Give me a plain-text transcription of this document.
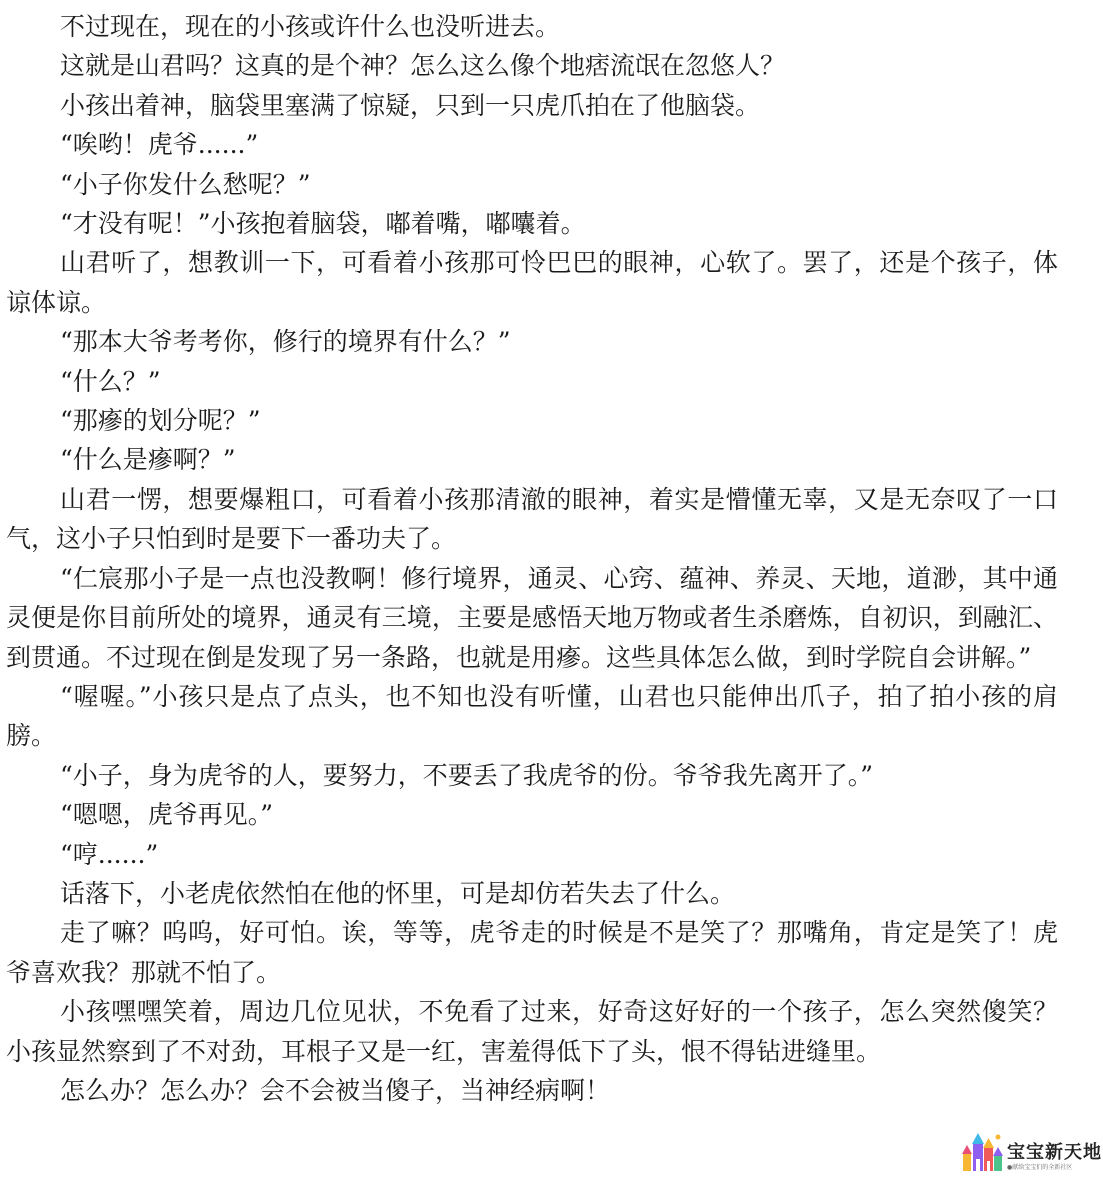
不过现在，现在的小孩或许什么也没听进去。

这就是山君吗？这真的是个神？怎么这么像个地痞流氓在忽悠人？

小孩出着神，脑袋里塞满了惊疑，只到一只虎爪拍在了他脑袋。

“唉哟！虎爷......”

“小子你发什么愁呢？”

“才没有呢！”小孩抱着脑袋，嘟着嘴，嘟囔着。

山君听了，想教训一下，可看着小孩那可怜巴巴的眼神，心软了。罢了，还是个孩子，体谅体谅。

“那本大爷考考你，修行的境界有什么？”

“什么？”

“那瘮的划分呢？”

“什么是瘮啊？”

山君一愣，想要爆粗口，可看着小孩那清澈的眼神，着实是懵懂无辜，又是无奈叹了一口气，这小子只怕到时是要下一番功夫了。

“仁宸那小子是一点也没教啊！修行境界，通灵、心窍、蕴神、养灵、天地，道渺，其中通灵便是你目前所处的境界，通灵有三境，主要是感悟天地万物或者生杀磨炼，自初识，到融汇、到贯通。不过现在倒是发现了另一条路，也就是用瘮。这些具体怎么做，到时学院自会讲解。”

“喔喔。”小孩只是点了点头，也不知也没有听懂，山君也只能伸出爪子，拍了拍小孩的肩膀。

“小子，身为虎爷的人，要努力，不要丢了我虎爷的份。爷爷我先离开了。”

“嗯嗯，虎爷再见。”

“哼......”

话落下，小老虎依然怕在他的怀里，可是却仿若失去了什么。

走了嘛？呜呜，好可怕。诶，等等，虎爷走的时候是不是笑了？那嘴角，肯定是笑了！虎爷喜欢我？那就不怕了。

小孩嘿嘿笑着，周边几位见状，不免看了过来，好奇这好好的一个孩子，怎么突然傻笑？小孩显然察到了不对劲，耳根子又是一红，害羞得低下了头，恨不得钻进缝里。

怎么办？怎么办？会不会被当傻子，当神经病啊！

宝宝新天地
●献给宝宝们的全新社区
